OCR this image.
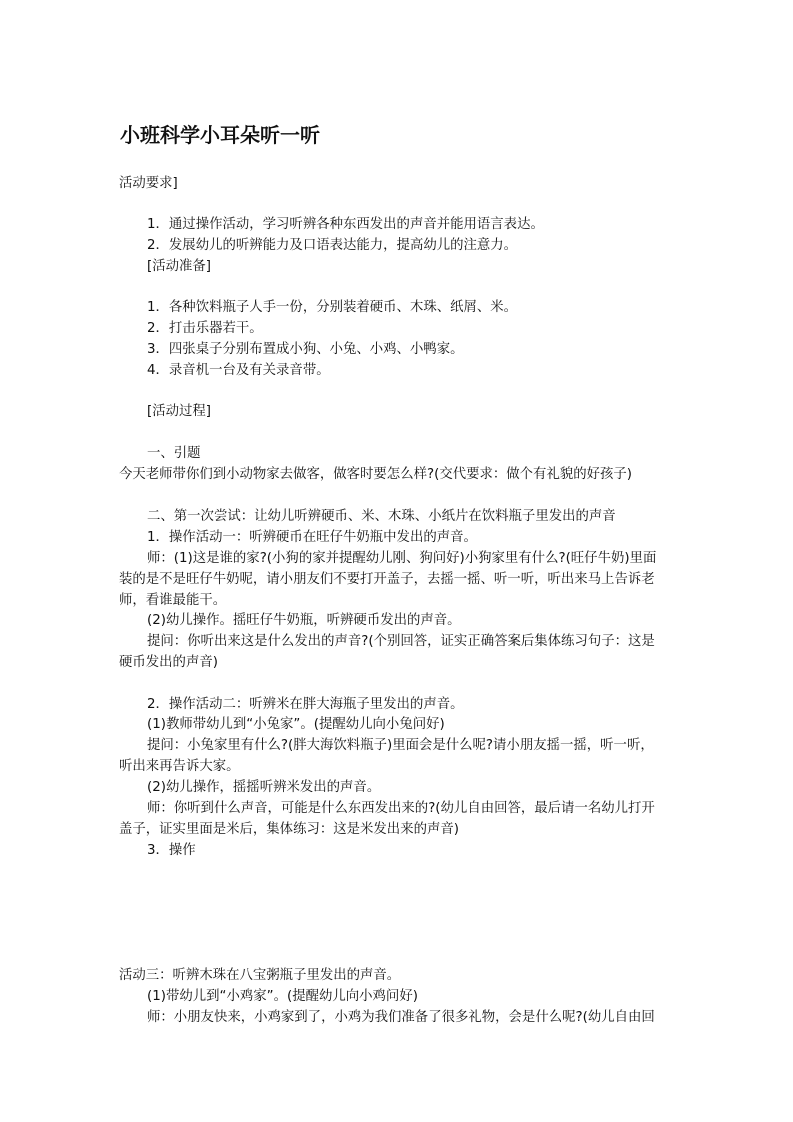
小班科学小耳朵听一听

活动要求]

1．通过操作活动，学习听辨各种东西发出的声音并能用语言表达。

2．发展幼儿的听辨能力及口语表达能力，提高幼儿的注意力。

[活动准备]

1．各种饮料瓶子人手一份，分别装着硬币、木珠、纸屑、米。

2．打击乐器若干。

3．四张桌子分别布置成小狗、小兔、小鸡、小鸭家。

4．录音机一台及有关录音带。

[活动过程]

一、引题

今天老师带你们到小动物家去做客，做客时要怎么样?(交代要求：做个有礼貌的好孩子)

二、第一次尝试：让幼儿听辨硬币、米、木珠、小纸片在饮料瓶子里发出的声音

1．操作活动一：听辨硬币在旺仔牛奶瓶中发出的声音。

师：(1)这是谁的家?(小狗的家并提醒幼儿刚、狗问好)小狗家里有什么?(旺仔牛奶)里面

装的是不是旺仔牛奶呢，请小朋友们不要打开盖子，去摇一摇、听一听，听出来马上告诉老

师，看谁最能干。

(2)幼儿操作。摇旺仔牛奶瓶，听辨硬币发出的声音。

提问：你听出来这是什么发出的声音?(个别回答，证实正确答案后集体练习句子：这是

硬币发出的声音)

2．操作活动二：听辨米在胖大海瓶子里发出的声音。

(1)教师带幼儿到“小兔家”。(提醒幼儿向小兔问好)

提问：小兔家里有什么?(胖大海饮料瓶子)里面会是什么呢?请小朋友摇一摇，听一听，

听出来再告诉大家。

(2)幼儿操作，摇摇听辨米发出的声音。

师：你听到什么声音，可能是什么东西发出来的?(幼儿自由回答，最后请一名幼儿打开

盖子，证实里面是米后，集体练习：这是米发出来的声音)

3．操作

活动三：听辨木珠在八宝粥瓶子里发出的声音。

(1)带幼儿到“小鸡家”。(提醒幼儿向小鸡问好)

师：小朋友快来，小鸡家到了，小鸡为我们准备了很多礼物，会是什么呢?(幼儿自由回
